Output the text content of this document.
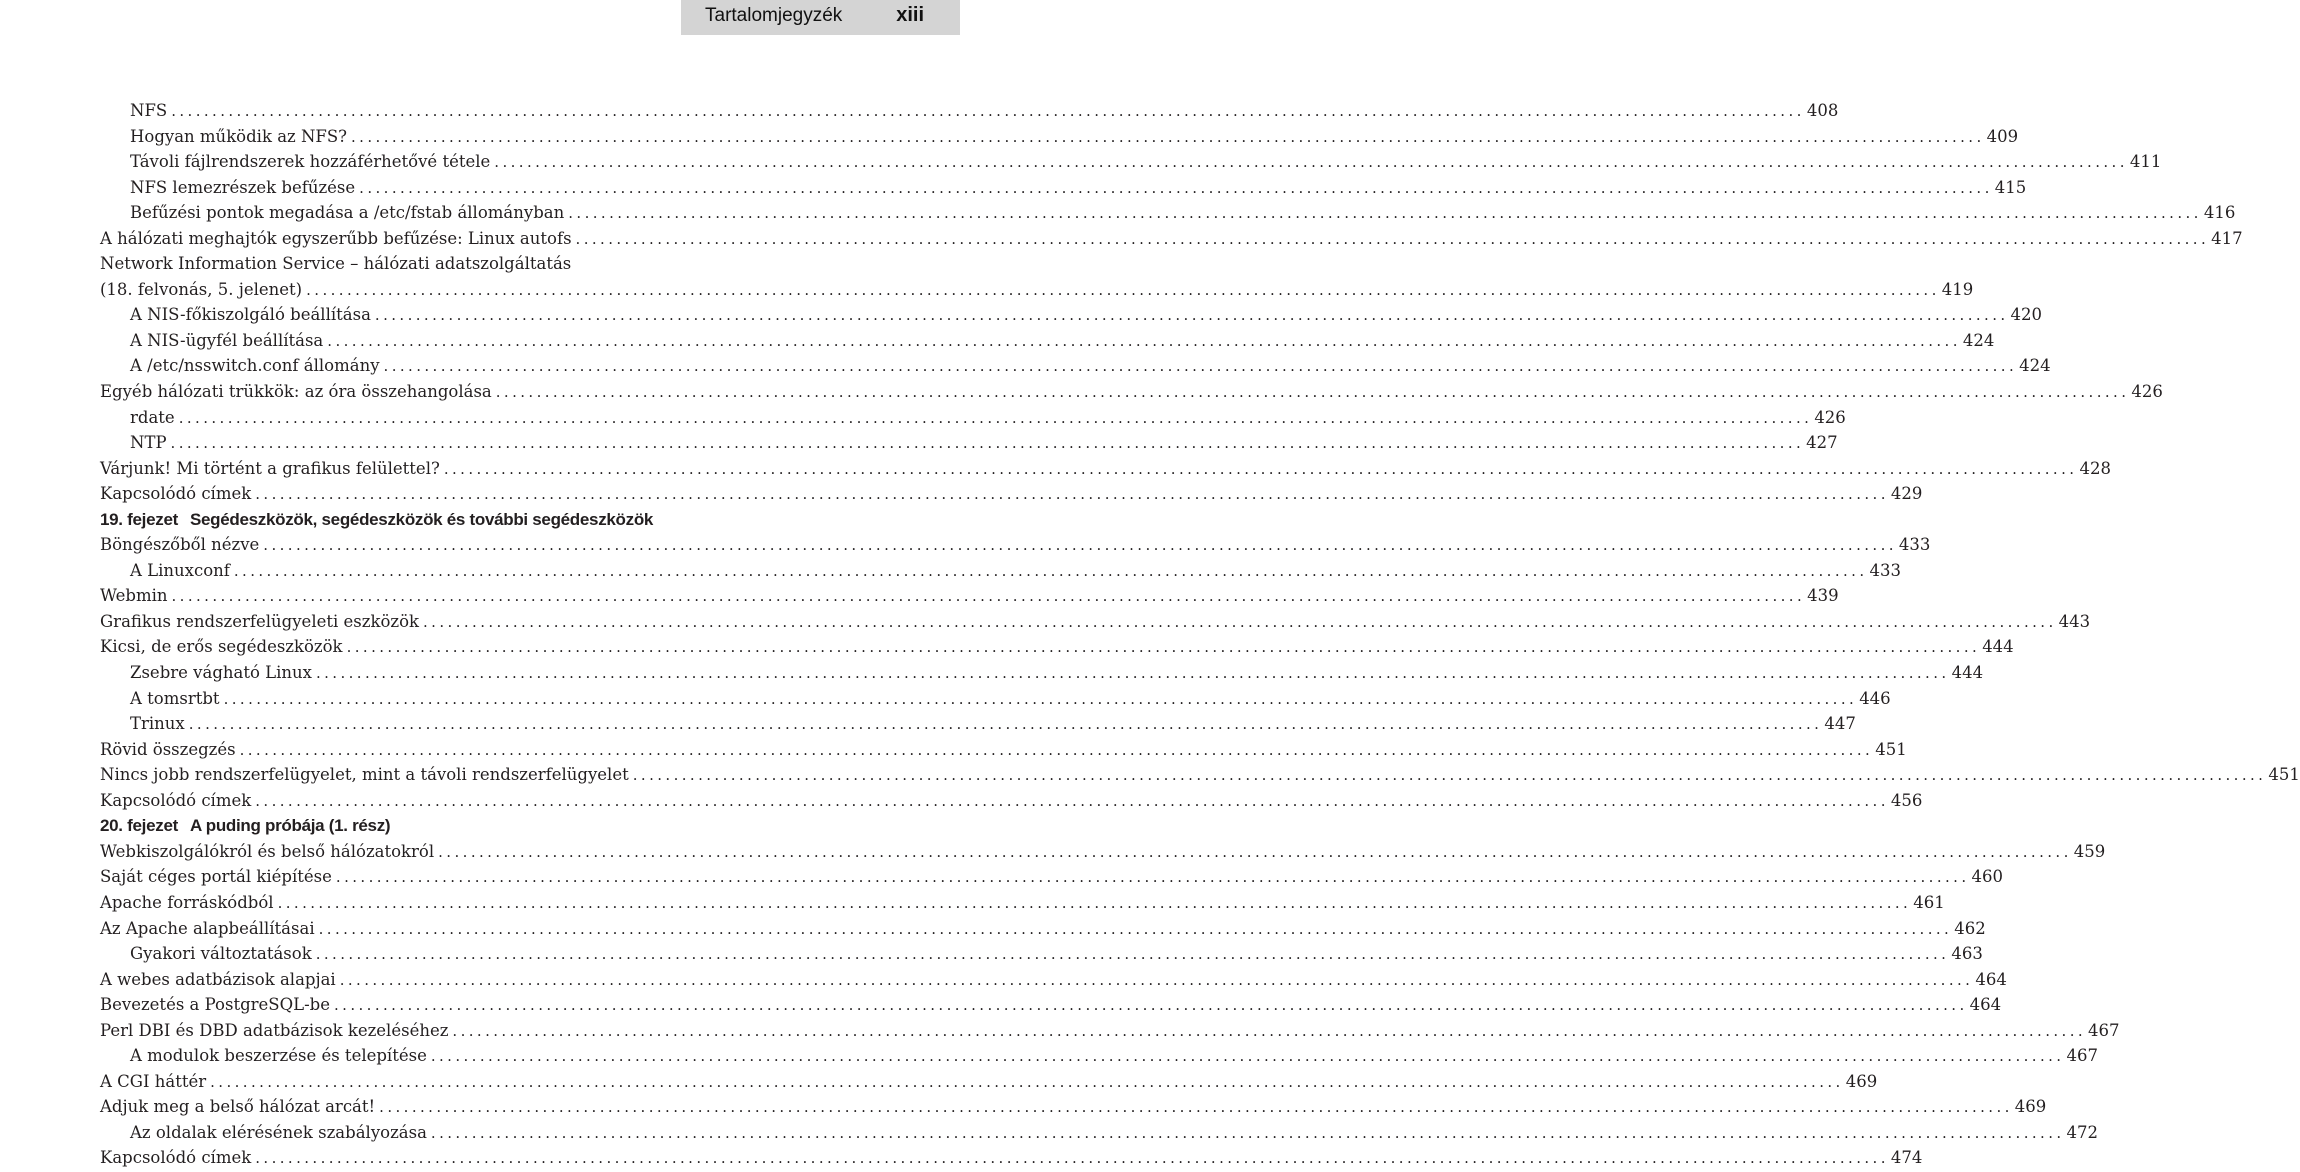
Tartalomjegyzék	xiii
NFS ........................................................................................................................................................................................................ 408
Hogyan működik az NFS? ........................................................................................................................................................................................................ 409
Távoli fájlrendszerek hozzáférhetővé tétele ........................................................................................................................................................................................................ 411
NFS lemezrészek befűzése ........................................................................................................................................................................................................ 415
Befűzési pontok megadása a /etc/fstab állományban ........................................................................................................................................................................................................ 416
A hálózati meghajtók egyszerűbb befűzése: Linux autofs ........................................................................................................................................................................................................ 417
Network Information Service – hálózati adatszolgáltatás
(18. felvonás, 5. jelenet) ........................................................................................................................................................................................................ 419
A NIS-főkiszolgáló beállítása ........................................................................................................................................................................................................ 420
A NIS-ügyfél beállítása ........................................................................................................................................................................................................ 424
A /etc/nsswitch.conf állomány ........................................................................................................................................................................................................ 424
Egyéb hálózati trükkök: az óra összehangolása ........................................................................................................................................................................................................ 426
rdate ........................................................................................................................................................................................................ 426
NTP ........................................................................................................................................................................................................ 427
Várjunk! Mi történt a grafikus felülettel? ........................................................................................................................................................................................................ 428
Kapcsolódó címek ........................................................................................................................................................................................................ 429
19. fejezet Segédeszközök, segédeszközök és további segédeszközök
Böngészőből nézve ........................................................................................................................................................................................................ 433
A Linuxconf ........................................................................................................................................................................................................ 433
Webmin ........................................................................................................................................................................................................ 439
Grafikus rendszerfelügyeleti eszközök ........................................................................................................................................................................................................ 443
Kicsi, de erős segédeszközök ........................................................................................................................................................................................................ 444
Zsebre vágható Linux ........................................................................................................................................................................................................ 444
A tomsrtbt ........................................................................................................................................................................................................ 446
Trinux ........................................................................................................................................................................................................ 447
Rövid összegzés ........................................................................................................................................................................................................ 451
Nincs jobb rendszerfelügyelet, mint a távoli rendszerfelügyelet ........................................................................................................................................................................................................ 451
Kapcsolódó címek ........................................................................................................................................................................................................ 456
20. fejezet A puding próbája (1. rész)
Webkiszolgálókról és belső hálózatokról ........................................................................................................................................................................................................ 459
Saját céges portál kiépítése ........................................................................................................................................................................................................ 460
Apache forráskódból ........................................................................................................................................................................................................ 461
Az Apache alapbeállításai ........................................................................................................................................................................................................ 462
Gyakori változtatások ........................................................................................................................................................................................................ 463
A webes adatbázisok alapjai ........................................................................................................................................................................................................ 464
Bevezetés a PostgreSQL-be ........................................................................................................................................................................................................ 464
Perl DBI és DBD adatbázisok kezeléséhez ........................................................................................................................................................................................................ 467
A modulok beszerzése és telepítése ........................................................................................................................................................................................................ 467
A CGI háttér ........................................................................................................................................................................................................ 469
Adjuk meg a belső hálózat arcát! ........................................................................................................................................................................................................ 469
Az oldalak elérésének szabályozása ........................................................................................................................................................................................................ 472
Kapcsolódó címek ........................................................................................................................................................................................................ 474
